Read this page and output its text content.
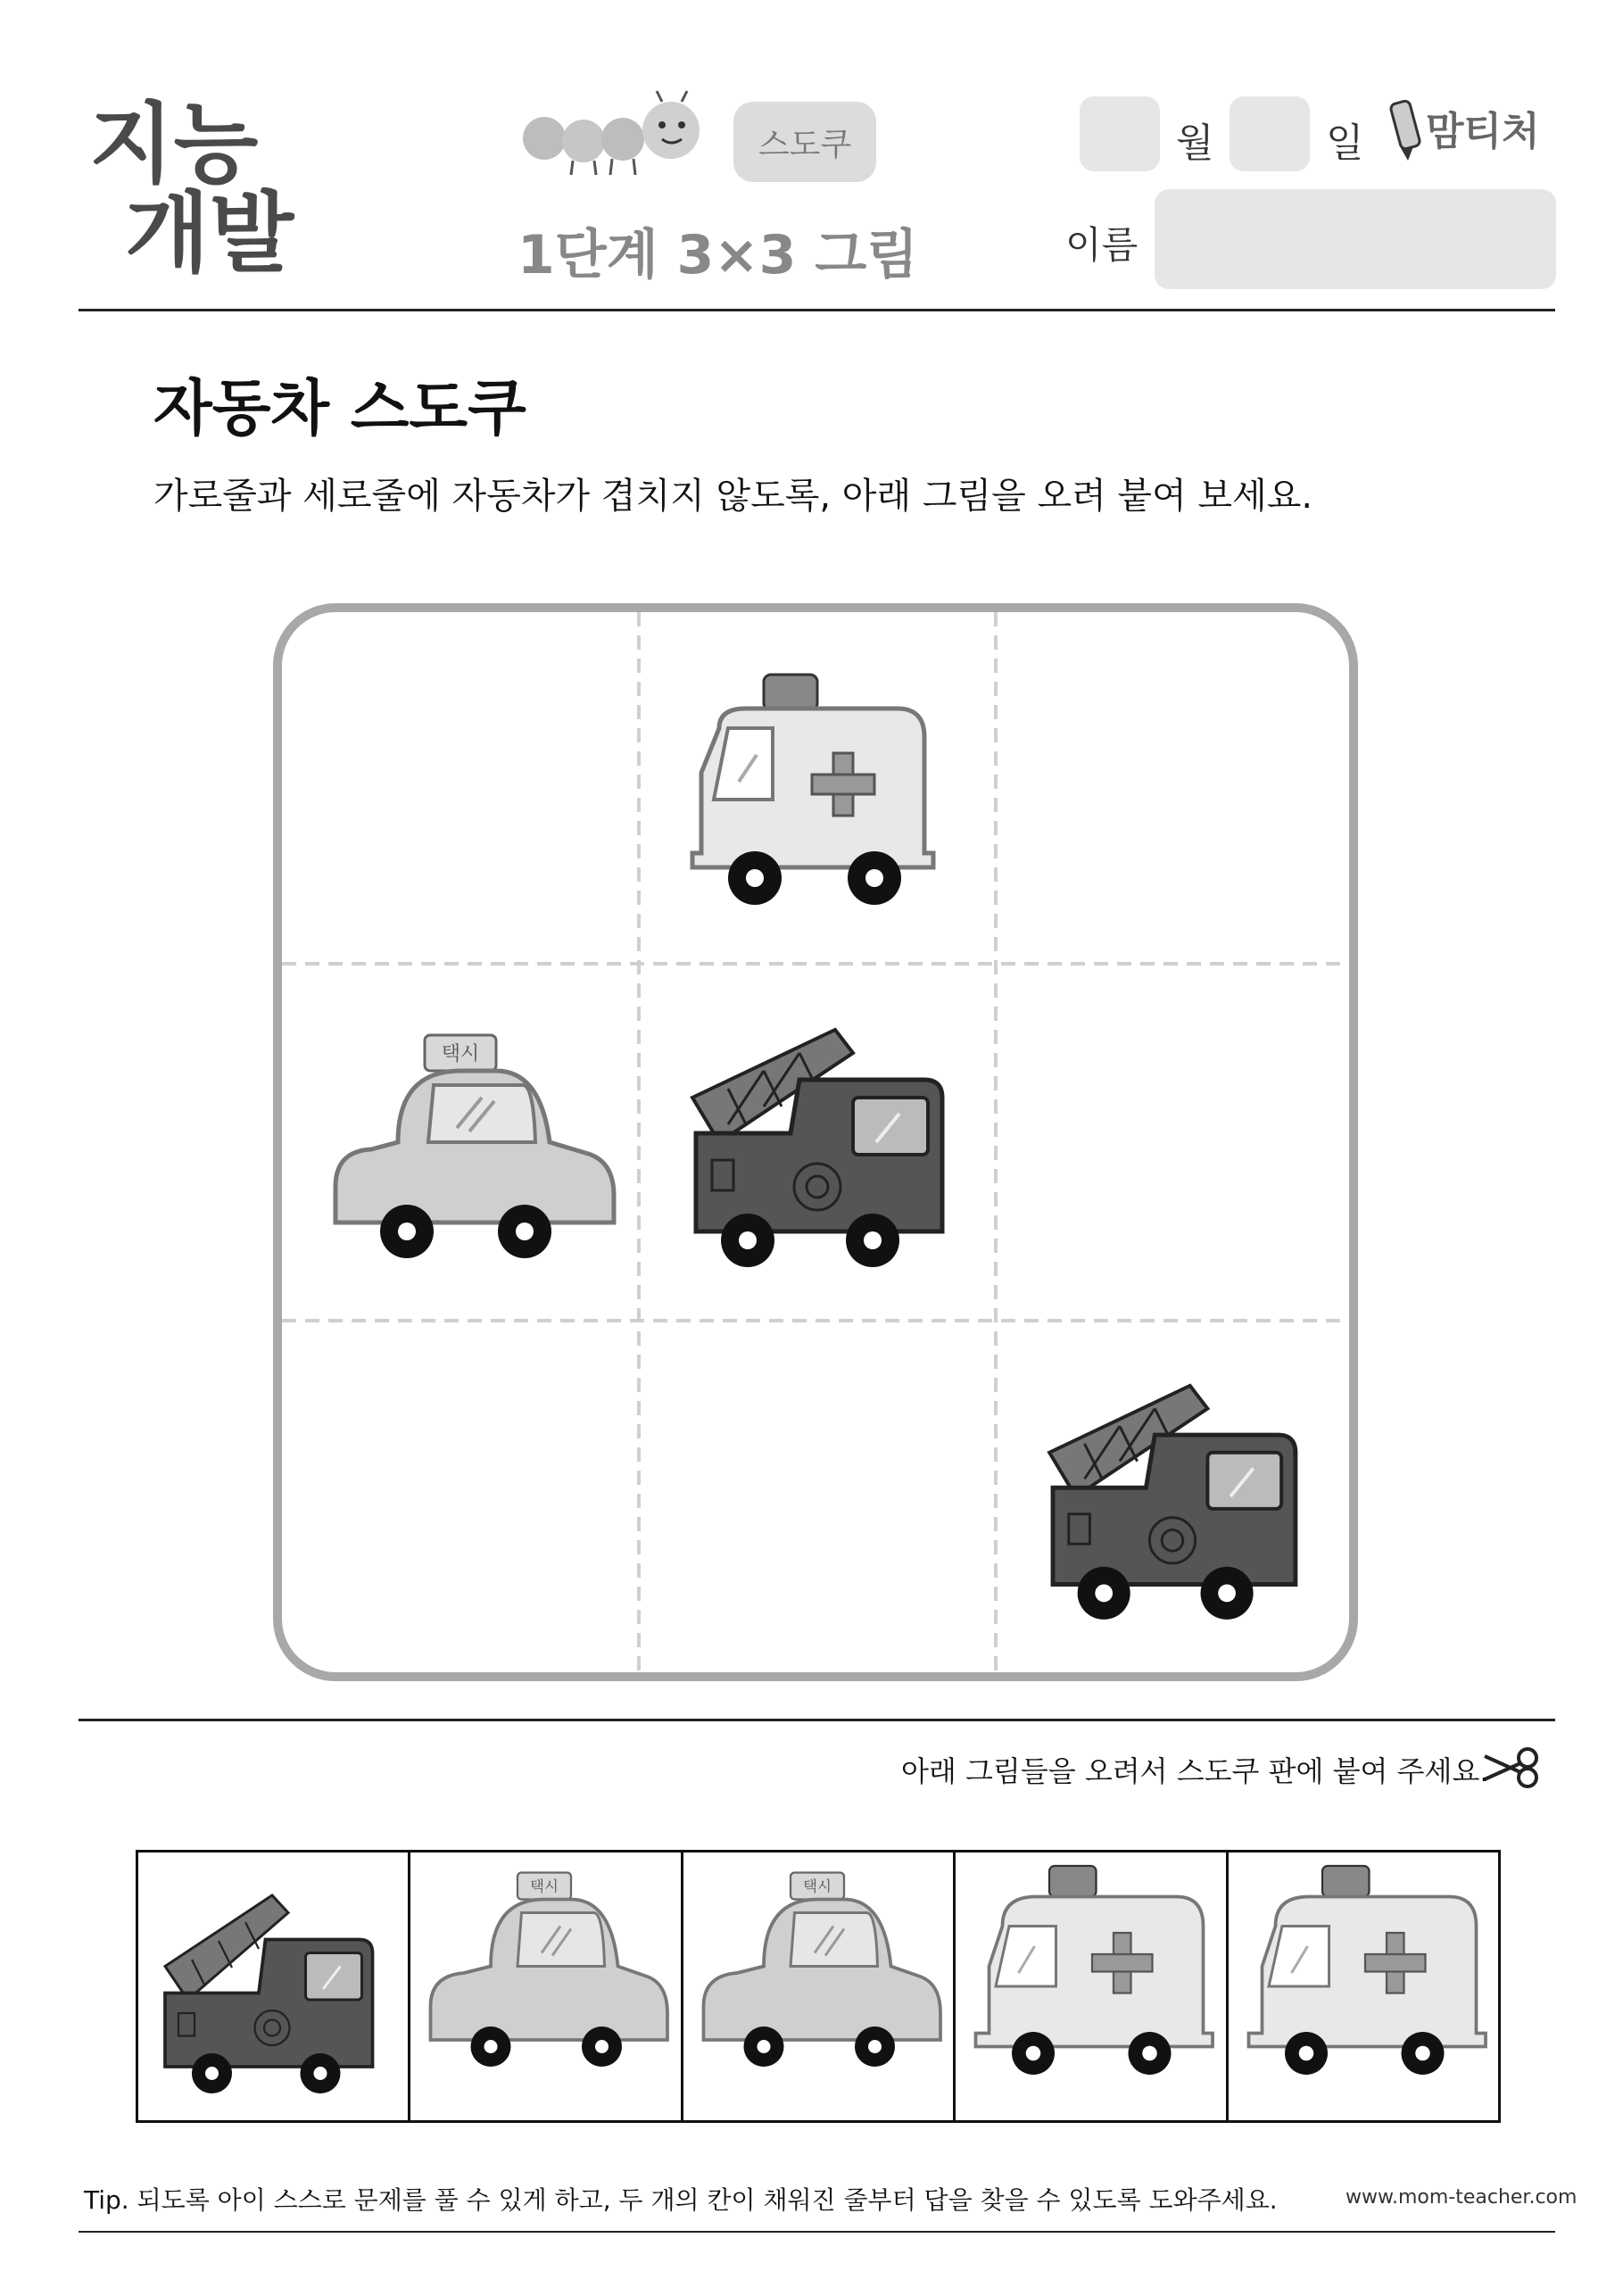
지능
개발
스도쿠
1단계 3×3 그림
월	일 맘티처
이름
자동차 스도쿠
가로줄과 세로줄에 자동차가 겹치지 않도록, 아래 그림을 오려 붙여 보세요.
택시
아래 그림들을 오려서 스도쿠 판에 붙여 주세요.
택시	택시
Tip. 되도록 아이 스스로 문제를 풀 수 있게 하고, 두 개의 칸이 채워진 줄부터 답을 찾을 수 있도록 도와주세요.	www.mom-teacher.com
